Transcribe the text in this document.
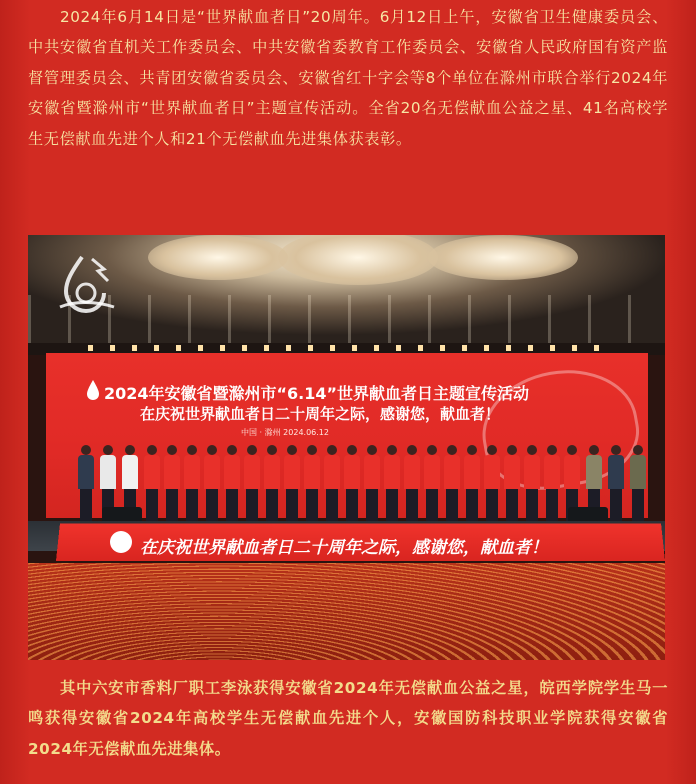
2024年6月14日是“世界献血者日”20周年。6月12日上午，安徽省卫生健康委员会、中共安徽省直机关工作委员会、中共安徽省委教育工作委员会、安徽省人民政府国有资产监督管理委员会、共青团安徽省委员会、安徽省红十字会等8个单位在滁州市联合举行2024年安徽省暨滁州市“世界献血者日”主题宣传活动。全省20名无偿献血公益之星、41名高校学生无偿献血先进个人和21个无偿献血先进集体获表彰。

2024年安徽省暨滁州市“6.14”世界献血者日主题宣传活动
在庆祝世界献血者日二十周年之际，感谢您，献血者！
中国 · 滁州 2024.06.12
在庆祝世界献血者日二十周年之际，感谢您，献血者！

其中六安市香料厂职工李泳获得安徽省2024年无偿献血公益之星，皖西学院学生马一鸣获得安徽省2024年高校学生无偿献血先进个人，安徽国防科技职业学院获得安徽省2024年无偿献血先进集体。
